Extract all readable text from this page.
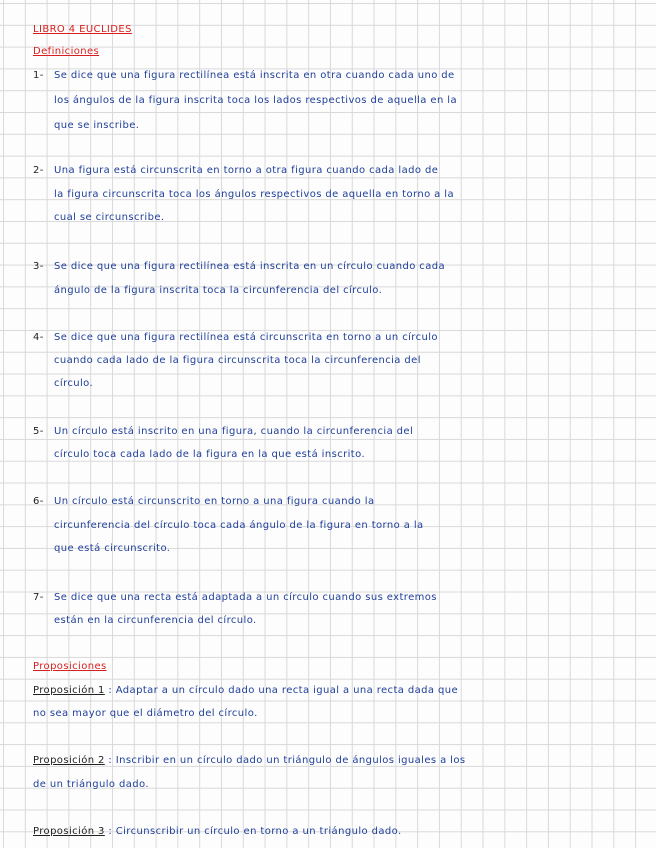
LIBRO 4 EUCLIDES
Definiciones
1- Se dice que una figura rectilínea está inscrita en otra cuando cada uno de
los ángulos de la figura inscrita toca los lados respectivos de aquella en la
que se inscribe.
2- Una figura está circunscrita en torno a otra figura cuando cada lado de
la figura circunscrita toca los ángulos respectivos de aquella en torno a la
cual se circunscribe.
3- Se dice que una figura rectilínea está inscrita en un círculo cuando cada
ángulo de la figura inscrita toca la circunferencia del círculo.
4- Se dice que una figura rectilínea está circunscrita en torno a un círculo
cuando cada lado de la figura circunscrita toca la circunferencia del
círculo.
5- Un círculo está inscrito en una figura, cuando la circunferencia del
círculo toca cada lado de la figura en la que está inscrito.
6- Un círculo está circunscrito en torno a una figura cuando la
circunferencia del círculo toca cada ángulo de la figura en torno a la
que está circunscrito.
7- Se dice que una recta está adaptada a un círculo cuando sus extremos
están en la circunferencia del círculo.
Proposiciones
Proposición 1 : Adaptar a un círculo dado una recta igual a una recta dada que
no sea mayor que el diámetro del círculo.
Proposición 2 : Inscribir en un círculo dado un triángulo de ángulos iguales a los
de un triángulo dado.
Proposición 3 : Circunscribir un círculo en torno a un triángulo dado.
